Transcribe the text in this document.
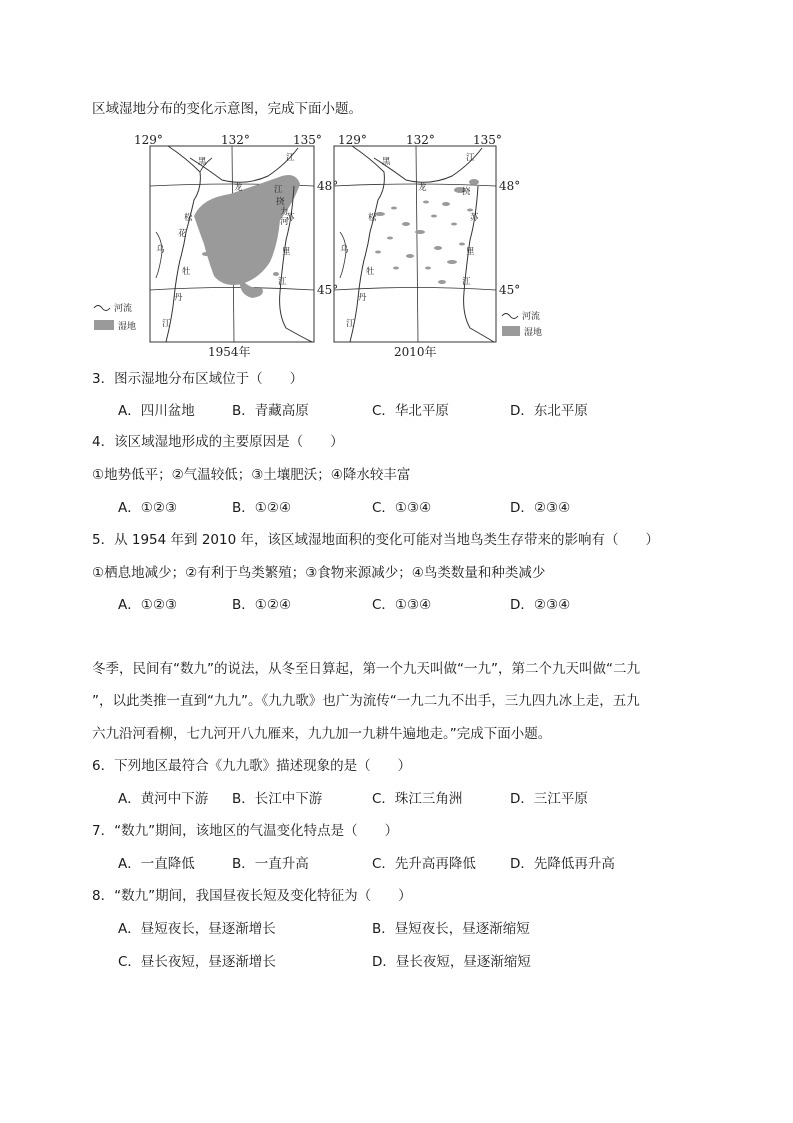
区域湿地分布的变化示意图，完成下面小题。
129°	132°	135°
48°
45°
黑
龙
江
松
花
江
挠
力
河
乌
苏
里
江
牡
丹
江
河流
湿地
1954年
129°	132°	135°
48°
45°
黑
龙
江
松
挠
苏
里
江
乌
牡
丹
江
河流
湿地
2010年
3．图示湿地分布区域位于（　　）
A．四川盆地	B．青藏高原	C．华北平原	D．东北平原
4．该区域湿地形成的主要原因是（　　）
①地势低平；②气温较低；③土壤肥沃；④降水较丰富
A．①②③	B．①②④	C．①③④	D．②③④
5．从 1954 年到 2010 年，该区域湿地面积的变化可能对当地鸟类生存带来的影响有（　　）
①栖息地减少；②有利于鸟类繁殖；③食物来源减少；④鸟类数量和种类减少
A．①②③	B．①②④	C．①③④	D．②③④
冬季，民间有“数九”的说法，从冬至日算起，第一个九天叫做“一九”，第二个九天叫做“二九
”，以此类推一直到“九九”。《九九歌》也广为流传“一九二九不出手，三九四九冰上走，五九
六九沿河看柳，七九河开八九雁来，九九加一九耕牛遍地走。”完成下面小题。
6．下列地区最符合《九九歌》描述现象的是（　　）
A．黄河中下游 B．长江中下游	C．珠江三角洲	D．三江平原
7．“数九”期间，该地区的气温变化特点是（　　）
A．一直降低	B．一直升高	C．先升高再降低	D．先降低再升高
8．“数九”期间，我国昼夜长短及变化特征为（　　）
A．昼短夜长，昼逐渐增长	B．昼短夜长，昼逐渐缩短
C．昼长夜短，昼逐渐增长	D．昼长夜短，昼逐渐缩短
